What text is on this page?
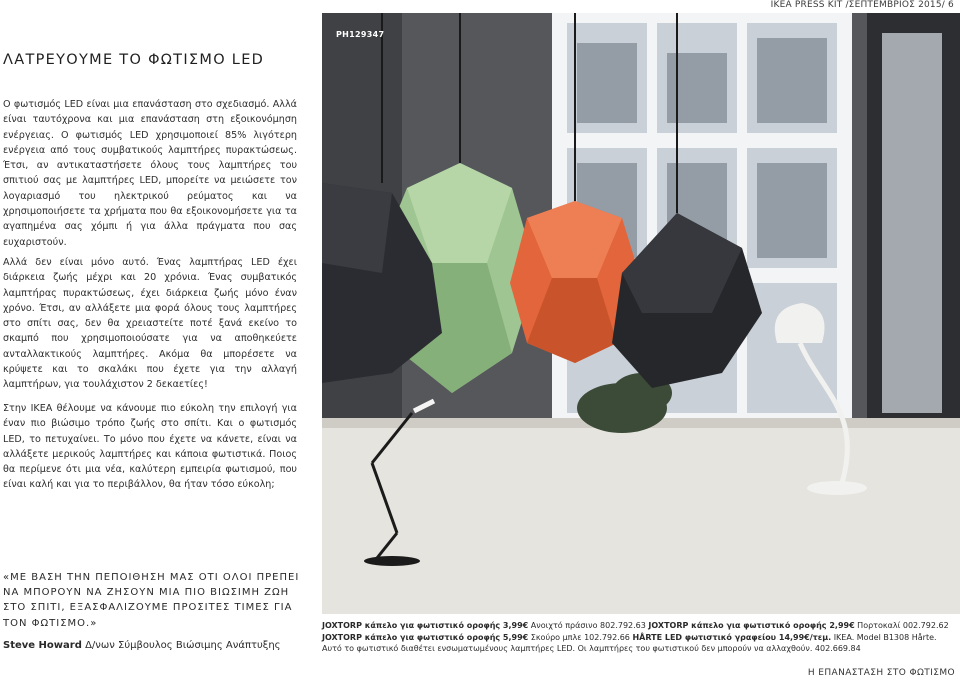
IKEA PRESS KIT /ΣΕΠΤΕΜΒΡΙΟΣ 2015/ 6
ΛΑΤΡΕΥΟΥΜΕ ΤΟ ΦΩΤΙΣΜΟ LED

Ο φωτισμός LED είναι μια επανάσταση στο σχεδιασμό. Αλλά είναι ταυτόχρονα και μια επανάσταση στη εξοικονόμηση ενέργειας. Ο φωτισμός LED χρησιμοποιεί 85% λιγότερη ενέργεια από τους συμβατικούς λαμπτήρες πυρακτώσεως. Έτσι, αν αντικαταστήσετε όλους τους λαμπτήρες του σπιτιού σας με λαμπτήρες LED, μπορείτε να μειώσετε τον λογαριασμό του ηλεκτρικού ρεύματος και να χρησιμοποιήσετε τα χρήματα που θα εξοικονομήσετε για τα αγαπημένα σας χόμπι ή για άλλα πράγματα που σας ευχαριστούν.

Αλλά δεν είναι μόνο αυτό. Ένας λαμπτήρας LED έχει διάρκεια ζωής μέχρι και 20 χρόνια. Ένας συμβατικός λαμπτήρας πυρακτώσεως, έχει διάρκεια ζωής μόνο έναν χρόνο. Έτσι, αν αλλάξετε μια φορά όλους τους λαμπτήρες στο σπίτι σας, δεν θα χρειαστείτε ποτέ ξανά εκείνο το σκαμπό που χρησιμοποιούσατε για να αποθηκεύετε ανταλλακτικούς λαμπτήρες. Ακόμα θα μπορέσετε να κρύψετε και το σκαλάκι που έχετε για την αλλαγή λαμπτήρων, για τουλάχιστον 2 δεκαετίες!

Στην IKEA θέλουμε να κάνουμε πιο εύκολη την επιλογή για έναν πιο βιώσιμο τρόπο ζωής στο σπίτι. Και ο φωτισμός LED, το πετυχαίνει. Το μόνο που έχετε να κάνετε, είναι να αλλάξετε μερικούς λαμπτήρες και κάποια φωτιστικά. Ποιος θα περίμενε ότι μια νέα, καλύτερη εμπειρία φωτισμού, που είναι καλή και για το περιβάλλον, θα ήταν τόσο εύκολη;

«ΜΕ ΒΑΣΗ ΤΗΝ ΠΕΠΟΙΘΗΣΗ ΜΑΣ ΟΤΙ ΟΛΟΙ ΠΡΕΠΕΙ ΝΑ ΜΠΟΡΟΥΝ ΝΑ ΖΗΣΟΥΝ ΜΙΑ ΠΙΟ ΒΙΩΣΙΜΗ ΖΩΗ ΣΤΟ ΣΠΙΤΙ, ΕΞΑΣΦΑΛΙΖΟΥΜΕ ΠΡΟΣΙΤΕΣ ΤΙΜΕΣ ΓΙΑ ΤΟΝ ΦΩΤΙΣΜΟ.»
Steve Howard Δ/νων Σύμβουλος Βιώσιμης Ανάπτυξης
PH129347
JOXTORP κάπελο για φωτιστικό οροφής 3,99€ Ανοιχτό πράσινο 802.792.63 JOXTORP κάπελο για φωτιστικό οροφής 2,99€ Πορτοκαλί 002.792.62 JOXTORP κάπελο για φωτιστικό οροφής 5,99€ Σκούρο μπλε 102.792.66 HÅRTE LED φωτιστικό γραφείου 14,99€/τεμ. IKEA. Model B1308 Hårte. Αυτό το φωτιστικό διαθέτει ενσωματωμένους λαμπτήρες LED. Οι λαμπτήρες του φωτιστικού δεν μπορούν να αλλαχθούν. 402.669.84
Η ΕΠΑΝΑΣΤΑΣΗ ΣΤΟ ΦΩΤΙΣΜΟ
